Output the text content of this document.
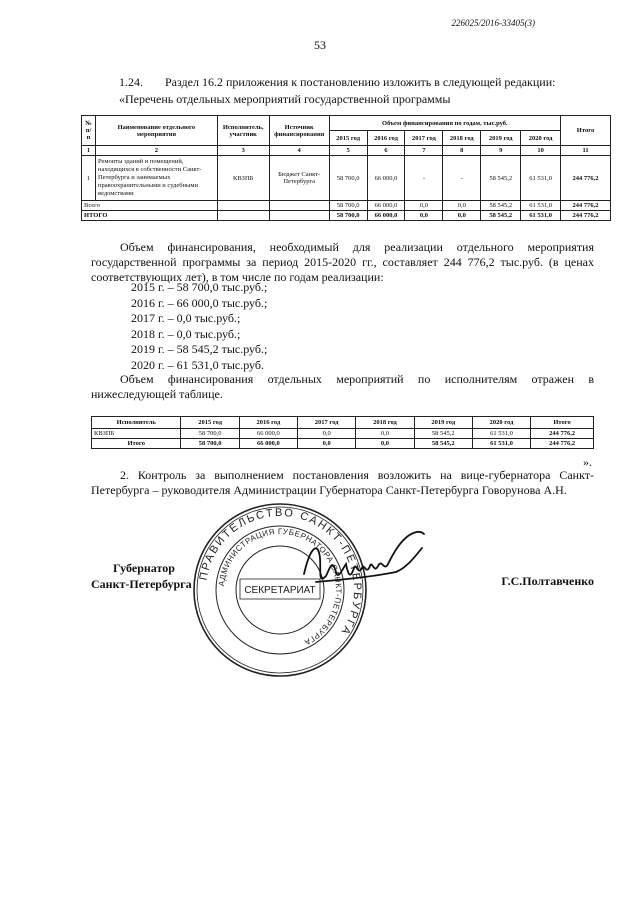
226025/2016-33405(3)
53
1.24. Раздел 16.2 приложения к постановлению изложить в следующей редакции:
«Перечень отдельных мероприятий государственной программы
№ п/п	Наименование отдельного мероприятия	Исполнитель, участник	Источник финансирования	Объем финансирования по годам, тыс.руб.						Итого
				2015 год	2016 год	2017 год	2018 год	2019 год	2020 год	
1	2	3	4	5	6	7	8	9	10	11
1	Ремонты зданий и помещений, находящихся в собственности Санкт-Петербурга и занимаемых правоохранительными и судебными ведомствами	КВЗПБ	Бюджет Санкт-Петербурга	58 700,0	66 000,0	-	-	58 545,2	61 531,0	244 776,2
Всего				58 700,0	66 000,0	0,0	0,0	58 545,2	61 531,0	244 776,2
ИТОГО				58 700,0	66 000,0	0,0	0,0	58 545,2	61 531,0	244 776,2
Объем финансирования, необходимый для реализации отдельного мероприятия государственной программы за период 2015-2020 гг., составляет 244 776,2 тыс.руб. (в ценах соответствующих лет), в том числе по годам реализации:
2015 г. – 58 700,0 тыс.руб.;
2016 г. – 66 000,0 тыс.руб.;
2017 г. – 0,0 тыс.руб.;
2018 г. – 0,0 тыс.руб.;
2019 г. – 58 545,2 тыс.руб.;
2020 г. – 61 531,0 тыс.руб.
Объем финансирования отдельных мероприятий по исполнителям отражен в нижеследующей таблице.
Исполнитель	2015 год	2016 год	2017 год	2018 год	2019 год	2020 год	Итого
КВЗПБ	58 700,0	66 000,0	0,0	0,0	58 545,2	61 531,0	244 776,2
Итого	58 700,0	66 000,0	0,0	0,0	58 545,2	61 531,0	244 776,2
».
2. Контроль за выполнением постановления возложить на вице-губернатора Санкт-Петербурга – руководителя Администрации Губернатора Санкт-Петербурга Говорунова А.Н.
ПРАВИТЕЛЬСТВО САНКТ-ПЕТЕРБУРГА
АДМИНИСТРАЦИЯ ГУБЕРНАТОРА САНКТ-ПЕТЕРБУРГА
СЕКРЕТАРИАТ
Губернатор
Санкт-Петербурга	Г.С.Полтавченко
